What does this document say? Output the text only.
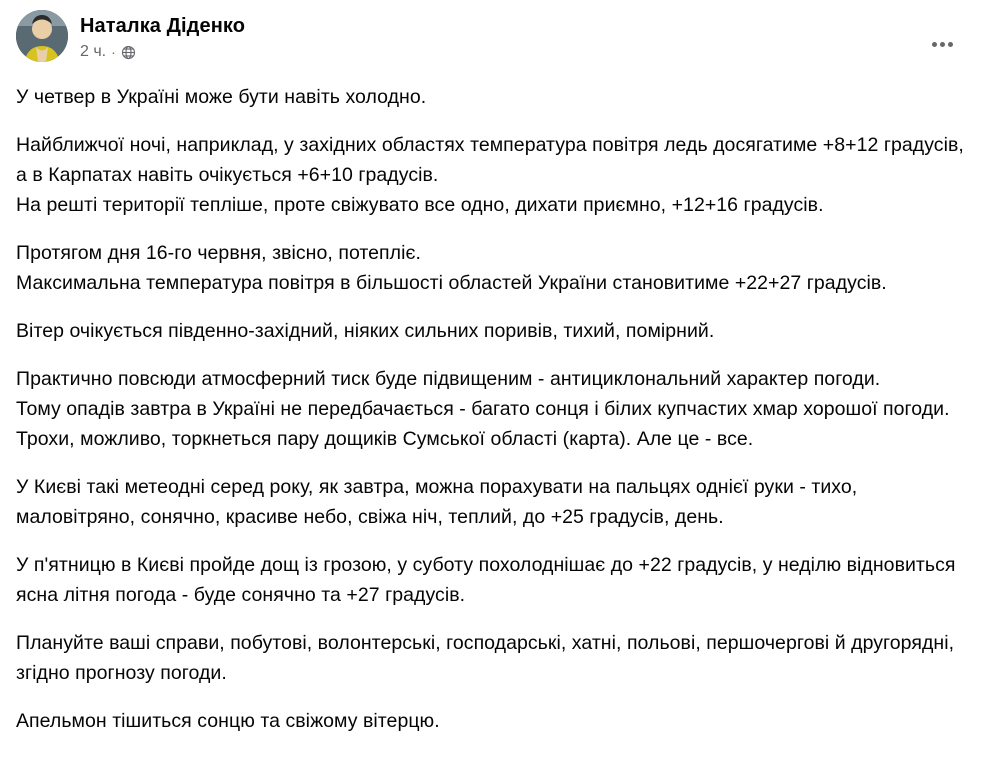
Наталка Діденко
2 ч. ·

У четвер в Україні може бути навіть холодно.

Найближчої ночі, наприклад, у західних областях температура повітря ледь досягатиме +8+12 градусів, а в Карпатах навіть очікується +6+10 градусів.

На решті території тепліше, проте свіжувато все одно, дихати приємно, +12+16 градусів.

Протягом дня 16-го червня, звісно, потепліє.

Максимальна температура повітря в більшості областей України становитиме +22+27 градусів.

Вітер очікується південно-західний, ніяких сильних поривів, тихий, помірний.

Практично повсюди атмосферний тиск буде підвищеним - антициклональний характер погоди.

Тому опадів завтра в Україні не передбачається - багато сонця і білих купчастих хмар хорошої погоди.

Трохи, можливо, торкнеться пару дощиків Сумської області (карта). Але це - все.

У Києві такі метеодні серед року, як завтра, можна порахувати на пальцях однієї руки - тихо, маловітряно, сонячно, красиве небо, свіжа ніч, теплий, до +25 градусів, день.

У п'ятницю в Києві пройде дощ із грозою, у суботу похолоднішає до +22 градусів, у неділю відновиться ясна літня погода - буде сонячно та +27 градусів.

Плануйте ваші справи, побутові, волонтерські, господарські, хатні, польові, першочергові й другорядні, згідно прогнозу погоди.

Апельмон тішиться сонцю та свіжому вітерцю.
